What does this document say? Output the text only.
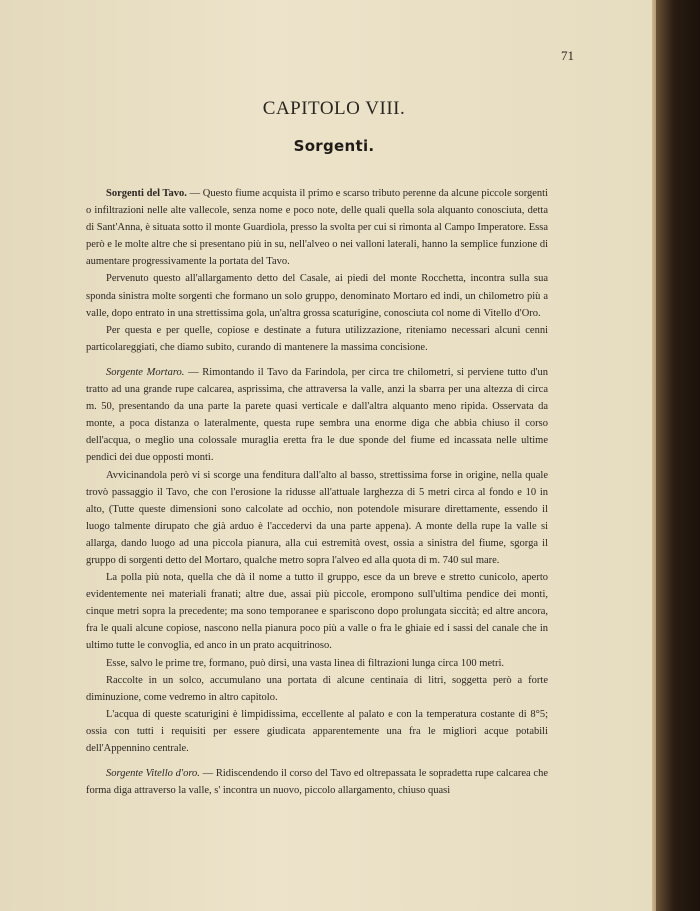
71
CAPITOLO VIII.
Sorgenti.

Sorgenti del Tavo. — Questo fiume acquista il primo e scarso tributo perenne da alcune piccole sorgenti o infiltrazioni nelle alte vallecole, senza nome e poco note, delle quali quella sola alquanto conosciuta, detta di Sant'Anna, è situata sotto il monte Guardiola, presso la svolta per cui si rimonta al Campo Imperatore. Essa però e le molte altre che si presentano più in su, nell'alveo o nei valloni laterali, hanno la semplice funzione di aumentare progressivamente la portata del Tavo.

Pervenuto questo all'allargamento detto del Casale, ai piedi del monte Rocchetta, incontra sulla sua sponda sinistra molte sorgenti che formano un solo gruppo, denominato Mortaro ed indi, un chilometro più a valle, dopo entrato in una strettissima gola, un'altra grossa scaturigine, conosciuta col nome di Vitello d'Oro.

Per questa e per quelle, copiose e destinate a futura utilizzazione, riteniamo necessari alcuni cenni particolareggiati, che diamo subito, curando di mantenere la massima concisione.

Sorgente Mortaro. — Rimontando il Tavo da Farindola, per circa tre chilometri, si perviene tutto d'un tratto ad una grande rupe calcarea, asprissima, che attraversa la valle, anzi la sbarra per una altezza di circa m. 50, presentando da una parte la parete quasi verticale e dall'altra alquanto meno ripida. Osservata da monte, a poca distanza o lateralmente, questa rupe sembra una enorme diga che abbia chiuso il corso dell'acqua, o meglio una colossale muraglia eretta fra le due sponde del fiume ed incassata nelle ultime pendici dei due opposti monti.

Avvicinandola però vi si scorge una fenditura dall'alto al basso, strettissima forse in origine, nella quale trovò passaggio il Tavo, che con l'erosione la ridusse all'attuale larghezza di 5 metri circa al fondo e 10 in alto, (Tutte queste dimensioni sono calcolate ad occhio, non potendole misurare direttamente, essendo il luogo talmente dirupato che già arduo è l'accedervi da una parte appena). A monte della rupe la valle si allarga, dando luogo ad una piccola pianura, alla cui estremità ovest, ossia a sinistra del fiume, sgorga il gruppo di sorgenti detto del Mortaro, qualche metro sopra l'alveo ed alla quota di m. 740 sul mare.

La polla più nota, quella che dà il nome a tutto il gruppo, esce da un breve e stretto cunicolo, aperto evidentemente nei materiali franati; altre due, assai più piccole, erompono sull'ultima pendice dei monti, cinque metri sopra la precedente; ma sono temporanee e spariscono dopo prolungata siccità; ed altre ancora, fra le quali alcune copiose, nascono nella pianura poco più a valle o fra le ghiaie ed i sassi del canale che in ultimo tutte le convoglia, ed anco in un prato acquitrinoso.

Esse, salvo le prime tre, formano, può dirsi, una vasta linea di filtrazioni lunga circa 100 metri.

Raccolte in un solco, accumulano una portata di alcune centinaia di litri, soggetta però a forte diminuzione, come vedremo in altro capitolo.

L'acqua di queste scaturigini è limpidissima, eccellente al palato e con la temperatura costante di 8°5; ossia con tutti i requisiti per essere giudicata apparentemente una fra le migliori acque potabili dell'Appennino centrale.

Sorgente Vitello d'oro. — Ridiscendendo il corso del Tavo ed oltrepassata le sopradetta rupe calcarea che forma diga attraverso la valle, s' incontra un nuovo, piccolo allargamento, chiuso quasi
